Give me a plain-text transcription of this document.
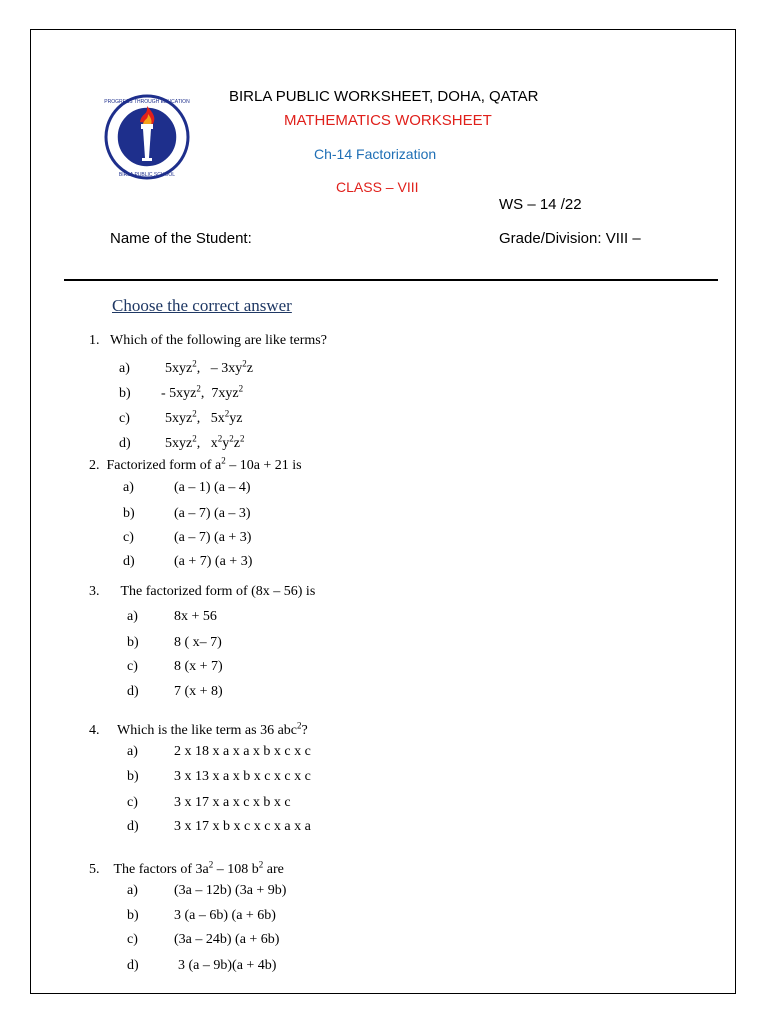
PROGRESS THROUGH EDUCATION
BIRLA PUBLIC SCHOOL
BIRLA PUBLIC WORKSHEET, DOHA, QATAR
MATHEMATICS WORKSHEET
Ch-14 Factorization
CLASS – VIII
WS – 14 /22
Name of the Student:	Grade/Division: VIII –
Choose the correct answer
1. Which of the following are like terms?
a)	5xyz$^2$, – $3xy^2z$
b) - 5xyz$^2$, 7xyz$^2$
c)	5xyz$^2$, $5x^2yz$
d) 5xyz$^2$, $x^2y^2z^2$
2. Factorized form of $a^2 - 10a + 21$ is
a)	(a – 1) (a – 4)
b)	(a – 7) (a – 3)
c)	(a – 7) (a + 3)
d)	(a + 7) (a + 3)
3. The factorized form of (8x – 56) is
a)	8x + 56
b)	8 ( x– 7)
c)	8 (x + 7)
d)	7 (x + 8)
4. Which is the like term as 36 abc$^2$?
a)	2 x 18 x a x a x b x c x c
b)	3 x 13 x a x b x c x c x c
c)	3 x 17 x a x c x b x c
d)	3 x 17 x b x c x c x a x a
5. The factors of $3a^2 - 108$ $b^2$ are
a)	(3a – 12b) (3a + 9b)
b)	3 (a – 6b) (a + 6b)
c)	(3a – 24b) (a + 6b)
d)	3 (a – 9b)(a + 4b)
